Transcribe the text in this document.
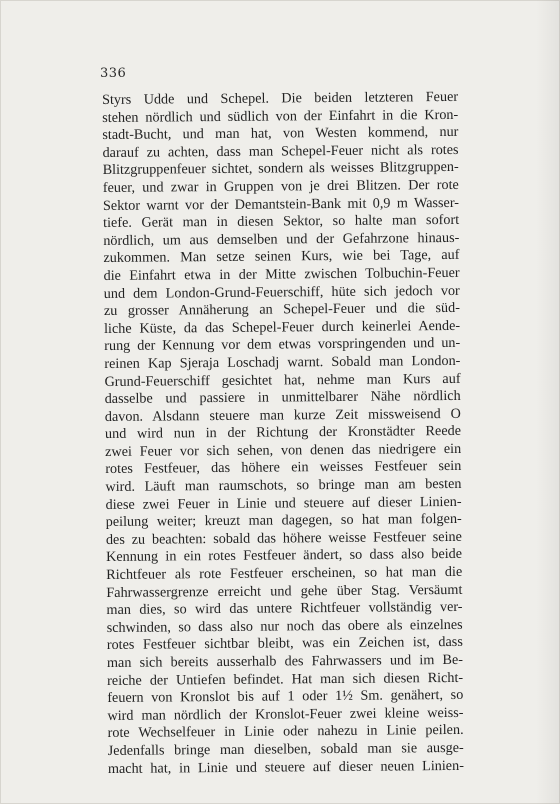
336
Styrs Udde und Schepel. Die beiden letzteren Feuer
stehen nördlich und südlich von der Einfahrt in die Kron-
stadt-Bucht, und man hat, von Westen kommend, nur
darauf zu achten, dass man Schepel-Feuer nicht als rotes
Blitzgruppenfeuer sichtet, sondern als weisses Blitzgruppen-
feuer, und zwar in Gruppen von je drei Blitzen. Der rote
Sektor warnt vor der Demantstein-Bank mit 0,9 m Wasser-
tiefe. Gerät man in diesen Sektor, so halte man sofort
nördlich, um aus demselben und der Gefahrzone hinaus-
zukommen. Man setze seinen Kurs, wie bei Tage, auf
die Einfahrt etwa in der Mitte zwischen Tolbuchin-Feuer
und dem London-Grund-Feuerschiff, hüte sich jedoch vor
zu grosser Annäherung an Schepel-Feuer und die süd-
liche Küste, da das Schepel-Feuer durch keinerlei Aende-
rung der Kennung vor dem etwas vorspringenden und un-
reinen Kap Sjeraja Loschadj warnt. Sobald man London-
Grund-Feuerschiff gesichtet hat, nehme man Kurs auf
dasselbe und passiere in unmittelbarer Nähe nördlich
davon. Alsdann steuere man kurze Zeit missweisend O
und wird nun in der Richtung der Kronstädter Reede
zwei Feuer vor sich sehen, von denen das niedrigere ein
rotes Festfeuer, das höhere ein weisses Festfeuer sein
wird. Läuft man raumschots, so bringe man am besten
diese zwei Feuer in Linie und steuere auf dieser Linien-
peilung weiter; kreuzt man dagegen, so hat man folgen-
des zu beachten: sobald das höhere weisse Festfeuer seine
Kennung in ein rotes Festfeuer ändert, so dass also beide
Richtfeuer als rote Festfeuer erscheinen, so hat man die
Fahrwassergrenze erreicht und gehe über Stag. Versäumt
man dies, so wird das untere Richtfeuer vollständig ver-
schwinden, so dass also nur noch das obere als einzelnes
rotes Festfeuer sichtbar bleibt, was ein Zeichen ist, dass
man sich bereits ausserhalb des Fahrwassers und im Be-
reiche der Untiefen befindet. Hat man sich diesen Richt-
feuern von Kronslot bis auf 1 oder 1½ Sm. genähert, so
wird man nördlich der Kronslot-Feuer zwei kleine weiss-
rote Wechselfeuer in Linie oder nahezu in Linie peilen.
Jedenfalls bringe man dieselben, sobald man sie ausge-
macht hat, in Linie und steuere auf dieser neuen Linien-
